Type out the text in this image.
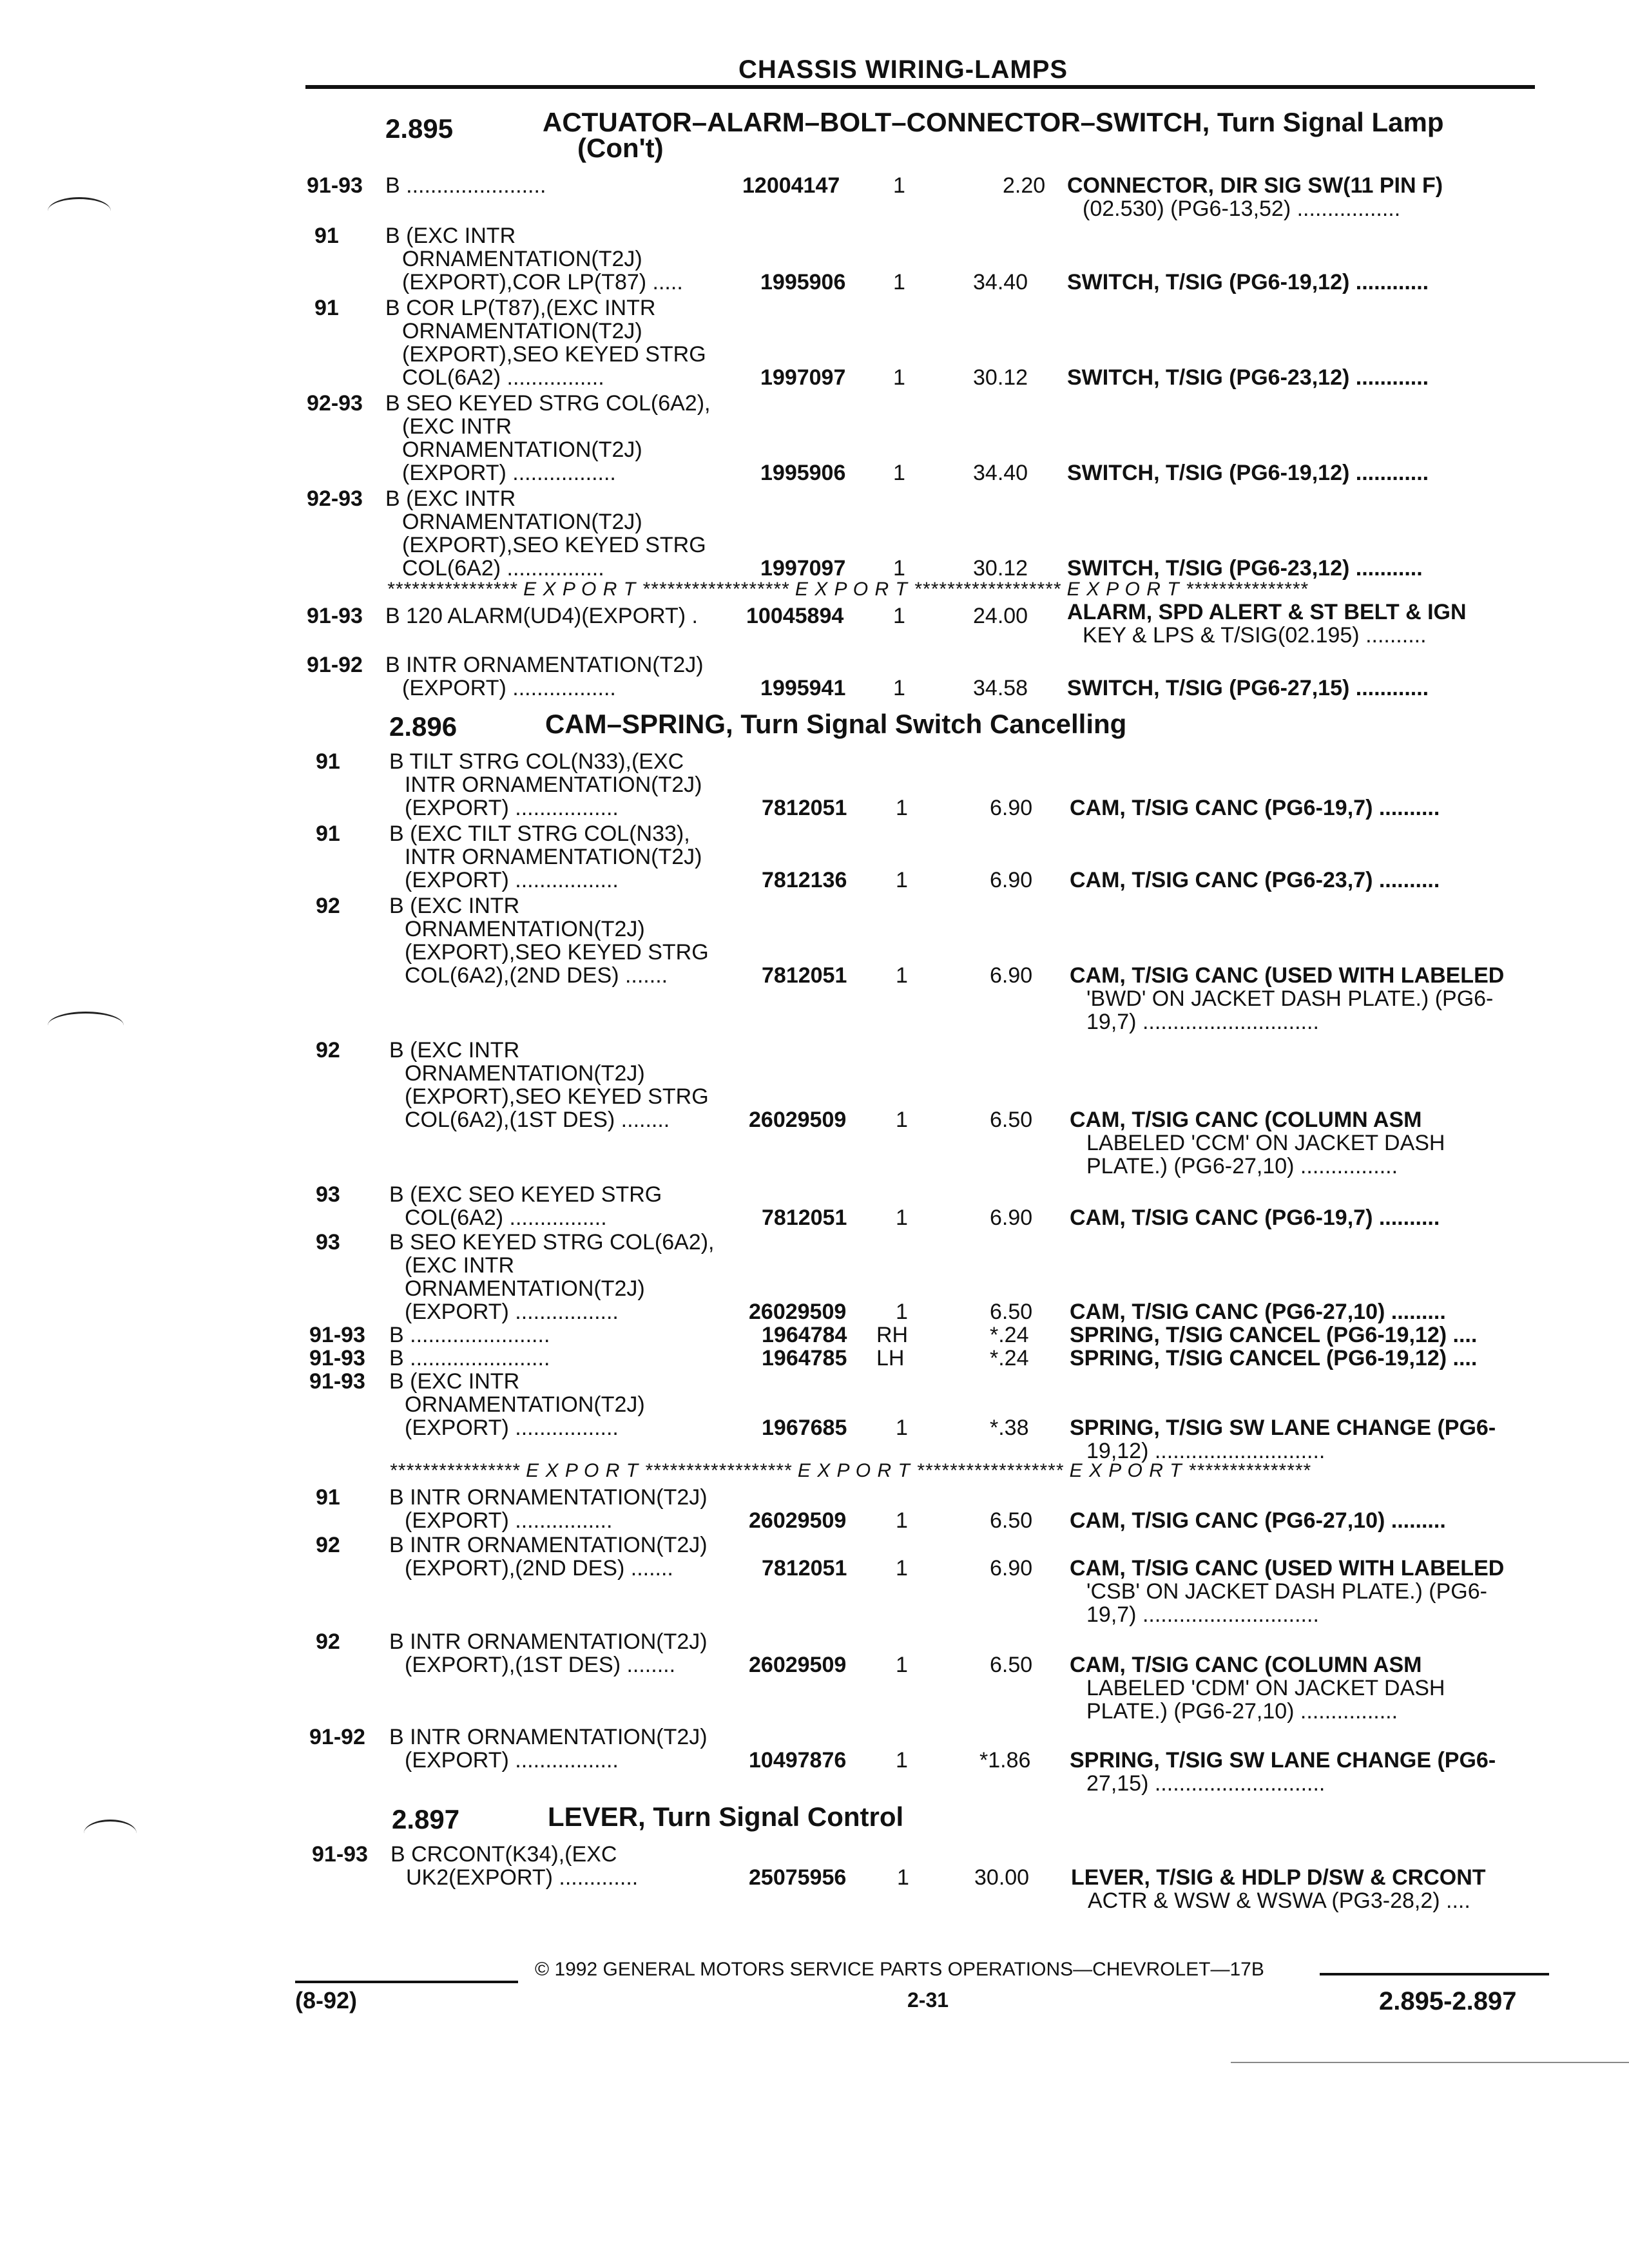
CHASSIS WIRING-LAMPS
2.895	ACTUATOR–ALARM–BOLT–CONNECTOR–SWITCH, Turn Signal Lamp
(Con't)
91-93 B .......................	12004147 1	2.20 CONNECTOR, DIR SIG SW(11 PIN F)
(02.530) (PG6-13,52) .................
91 B (EXC INTR
ORNAMENTATION(T2J)
(EXPORT),COR LP(T87) .....	1995906 1	34.40 SWITCH, T/SIG (PG6-19,12) ............
91 B COR LP(T87),(EXC INTR
ORNAMENTATION(T2J)
(EXPORT),SEO KEYED STRG
COL(6A2) ................	1997097 1	30.12 SWITCH, T/SIG (PG6-23,12) ............
92-93 B SEO KEYED STRG COL(6A2),
(EXC INTR
ORNAMENTATION(T2J)
(EXPORT) .................	1995906 1	34.40 SWITCH, T/SIG (PG6-19,12) ............
92-93 B (EXC INTR
ORNAMENTATION(T2J)
(EXPORT),SEO KEYED STRG
COL(6A2) ................	1997097 1	30.12 SWITCH, T/SIG (PG6-23,12) ...........
**************** E X P O R T ****************** E X P O R T ****************** E X P O R T ***************
91-93 B 120 ALARM(UD4)(EXPORT) . 10045894 1	24.00 ALARM, SPD ALERT & ST BELT & IGN
KEY & LPS & T/SIG(02.195) ..........
91-92 B INTR ORNAMENTATION(T2J)
(EXPORT) .................	1995941 1	34.58 SWITCH, T/SIG (PG6-27,15) ............
2.896	CAM–SPRING, Turn Signal Switch Cancelling
91 B TILT STRG COL(N33),(EXC
INTR ORNAMENTATION(T2J)
(EXPORT) .................	7812051 1	6.90 CAM, T/SIG CANC (PG6-19,7) ..........
91 B (EXC TILT STRG COL(N33),
INTR ORNAMENTATION(T2J)
(EXPORT) .................	7812136 1	6.90 CAM, T/SIG CANC (PG6-23,7) ..........
92 B (EXC INTR
ORNAMENTATION(T2J)
(EXPORT),SEO KEYED STRG
COL(6A2),(2ND DES) .......	7812051 1	6.90 CAM, T/SIG CANC (USED WITH LABELED
'BWD' ON JACKET DASH PLATE.) (PG6-
19,7) .............................
92 B (EXC INTR
ORNAMENTATION(T2J)
(EXPORT),SEO KEYED STRG
COL(6A2),(1ST DES) ........	26029509 1	6.50 CAM, T/SIG CANC (COLUMN ASM
LABELED 'CCM' ON JACKET DASH
PLATE.) (PG6-27,10) ................
93 B (EXC SEO KEYED STRG
COL(6A2) ................	7812051 1	6.90 CAM, T/SIG CANC (PG6-19,7) ..........
93 B SEO KEYED STRG COL(6A2),
(EXC INTR
ORNAMENTATION(T2J)
(EXPORT) .................	26029509 1	6.50 CAM, T/SIG CANC (PG6-27,10) .........
91-93 B .......................	1964784 RH	*.24 SPRING, T/SIG CANCEL (PG6-19,12) ....
91-93 B .......................	1964785 LH	*.24 SPRING, T/SIG CANCEL (PG6-19,12) ....
91-93 B (EXC INTR
ORNAMENTATION(T2J)
(EXPORT) .................	1967685 1	*.38 SPRING, T/SIG SW LANE CHANGE (PG6-
19,12) ............................
**************** E X P O R T ****************** E X P O R T ****************** E X P O R T ***************
91 B INTR ORNAMENTATION(T2J)
(EXPORT) ................	26029509 1	6.50 CAM, T/SIG CANC (PG6-27,10) .........
92 B INTR ORNAMENTATION(T2J)
(EXPORT),(2ND DES) .......	7812051 1	6.90 CAM, T/SIG CANC (USED WITH LABELED
'CSB' ON JACKET DASH PLATE.) (PG6-
19,7) .............................
92 B INTR ORNAMENTATION(T2J)
(EXPORT),(1ST DES) ........	26029509 1	6.50 CAM, T/SIG CANC (COLUMN ASM
LABELED 'CDM' ON JACKET DASH
PLATE.) (PG6-27,10) ................
91-92 B INTR ORNAMENTATION(T2J)
(EXPORT) .................	10497876 1	*1.86 SPRING, T/SIG SW LANE CHANGE (PG6-
27,15) ............................
2.897	LEVER, Turn Signal Control
91-93 B CRCONT(K34),(EXC
UK2(EXPORT) .............	25075956 1	30.00 LEVER, T/SIG & HDLP D/SW & CRCONT
ACTR & WSW & WSWA (PG3-28,2) ....
© 1992 GENERAL MOTORS SERVICE PARTS OPERATIONS—CHEVROLET—17B
(8-92)	2-31	2.895-2.897
